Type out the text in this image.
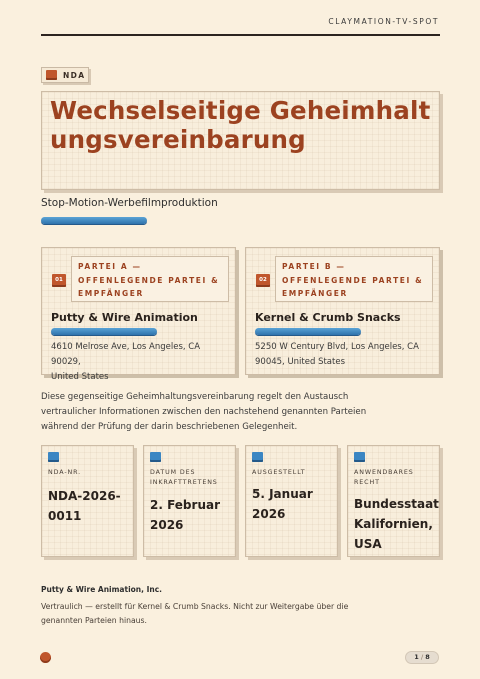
CLAYMATION-TV-SPOT
NDA
Wechselseitige Geheimhaltungsvereinbarung
Stop-Motion-Werbefilmproduktion
01
PARTEI A —
OFFENLEGENDE PARTEI &
EMPFÄNGER
Putty & Wire Animation
4610 Melrose Ave, Los Angeles, CA 90029,
United States
02
PARTEI B —
OFFENLEGENDE PARTEI &
EMPFÄNGER
Kernel & Crumb Snacks
5250 W Century Blvd, Los Angeles, CA
90045, United States

Diese gegenseitige Geheimhaltungsvereinbarung regelt den Austausch vertraulicher Informationen zwischen den nachstehend genannten Parteien während der Prüfung der darin beschriebenen Gelegenheit.

NDA-NR.
NDA-2026-
0011
DATUM DES
INKRAFTTRETENS
2. Februar
2026
AUSGESTELLT
5. Januar
2026
ANWENDBARES
RECHT
Bundesstaat
Kalifornien,
USA
Putty & Wire Animation, Inc.
Vertraulich — erstellt für Kernel & Crumb Snacks. Nicht zur Weitergabe über die
genannten Parteien hinaus.
1 / 8
